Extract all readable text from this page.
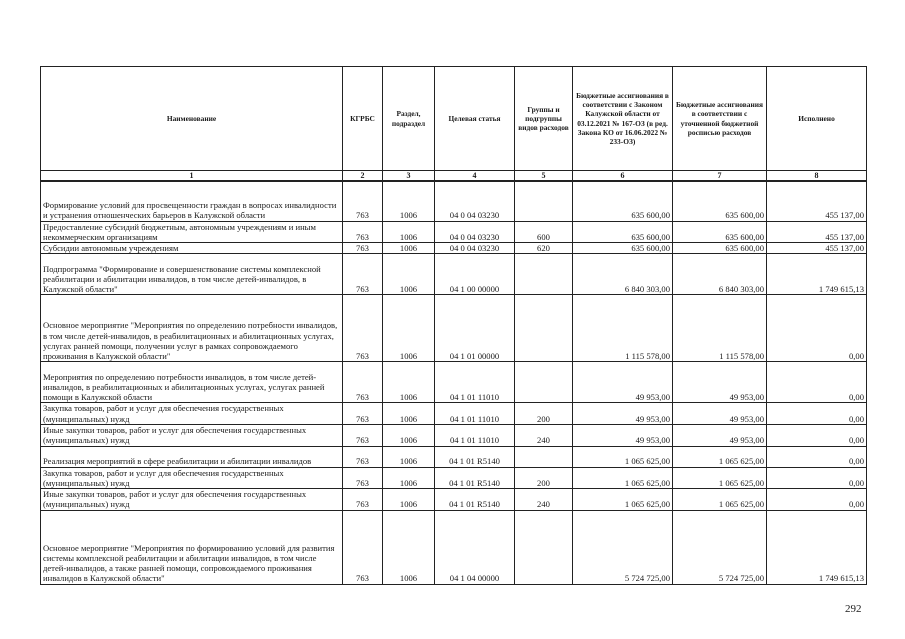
Наименование	КГРБС	Раздел, подраздел	Целевая статья	Группы и подгруппы видов расходов	Бюджетные ассигнования в соответствии с Законом Калужской области от 03.12.2021 № 167-ОЗ (в ред. Закона КО от 16.06.2022 № 233-ОЗ)	Бюджетные ассигнования в соответствии с уточненной бюджетной росписью расходов	Исполнено
1	2	3	4	5	6	7	8
Формирование условий для просвещенности граждан в вопросах инвалидности и устранения отношенческих барьеров в Калужской области	763	1006	04 0 04 03230		635 600,00	635 600,00	455 137,00
Предоставление субсидий бюджетным, автономным учреждениям и иным некоммерческим организациям	763	1006	04 0 04 03230	600	635 600,00	635 600,00	455 137,00
Субсидии автономным учреждениям	763	1006	04 0 04 03230	620	635 600,00	635 600,00	455 137,00
Подпрограмма "Формирование и совершенствование системы комплексной реабилитации и абилитации инвалидов, в том числе детей-инвалидов, в Калужской области"	763	1006	04 1 00 00000		6 840 303,00	6 840 303,00	1 749 615,13
Основное мероприятие "Мероприятия по определению потребности инвалидов, в том числе детей-инвалидов, в реабилитационных и абилитационных услугах, услугах ранней помощи, получении услуг в рамках сопровождаемого проживания в Калужской области"	763	1006	04 1 01 00000		1 115 578,00	1 115 578,00	0,00
Мероприятия по определению потребности инвалидов, в том числе детей-инвалидов, в реабилитационных и абилитационных услугах, услугах ранней помощи в Калужской области	763	1006	04 1 01 11010		49 953,00	49 953,00	0,00
Закупка товаров, работ и услуг для обеспечения государственных (муниципальных) нужд	763	1006	04 1 01 11010	200	49 953,00	49 953,00	0,00
Иные закупки товаров, работ и услуг для обеспечения государственных (муниципальных) нужд	763	1006	04 1 01 11010	240	49 953,00	49 953,00	0,00
Реализация мероприятий в сфере реабилитации и абилитации инвалидов	763	1006	04 1 01 R5140		1 065 625,00	1 065 625,00	0,00
Закупка товаров, работ и услуг для обеспечения государственных (муниципальных) нужд	763	1006	04 1 01 R5140	200	1 065 625,00	1 065 625,00	0,00
Иные закупки товаров, работ и услуг для обеспечения государственных (муниципальных) нужд	763	1006	04 1 01 R5140	240	1 065 625,00	1 065 625,00	0,00
Основное мероприятие "Мероприятия по формированию условий для развития системы комплексной реабилитации и абилитации инвалидов, в том числе детей-инвалидов, а также ранней помощи, сопровождаемого проживания инвалидов в Калужской области"	763	1006	04 1 04 00000		5 724 725,00	5 724 725,00	1 749 615,13
292
